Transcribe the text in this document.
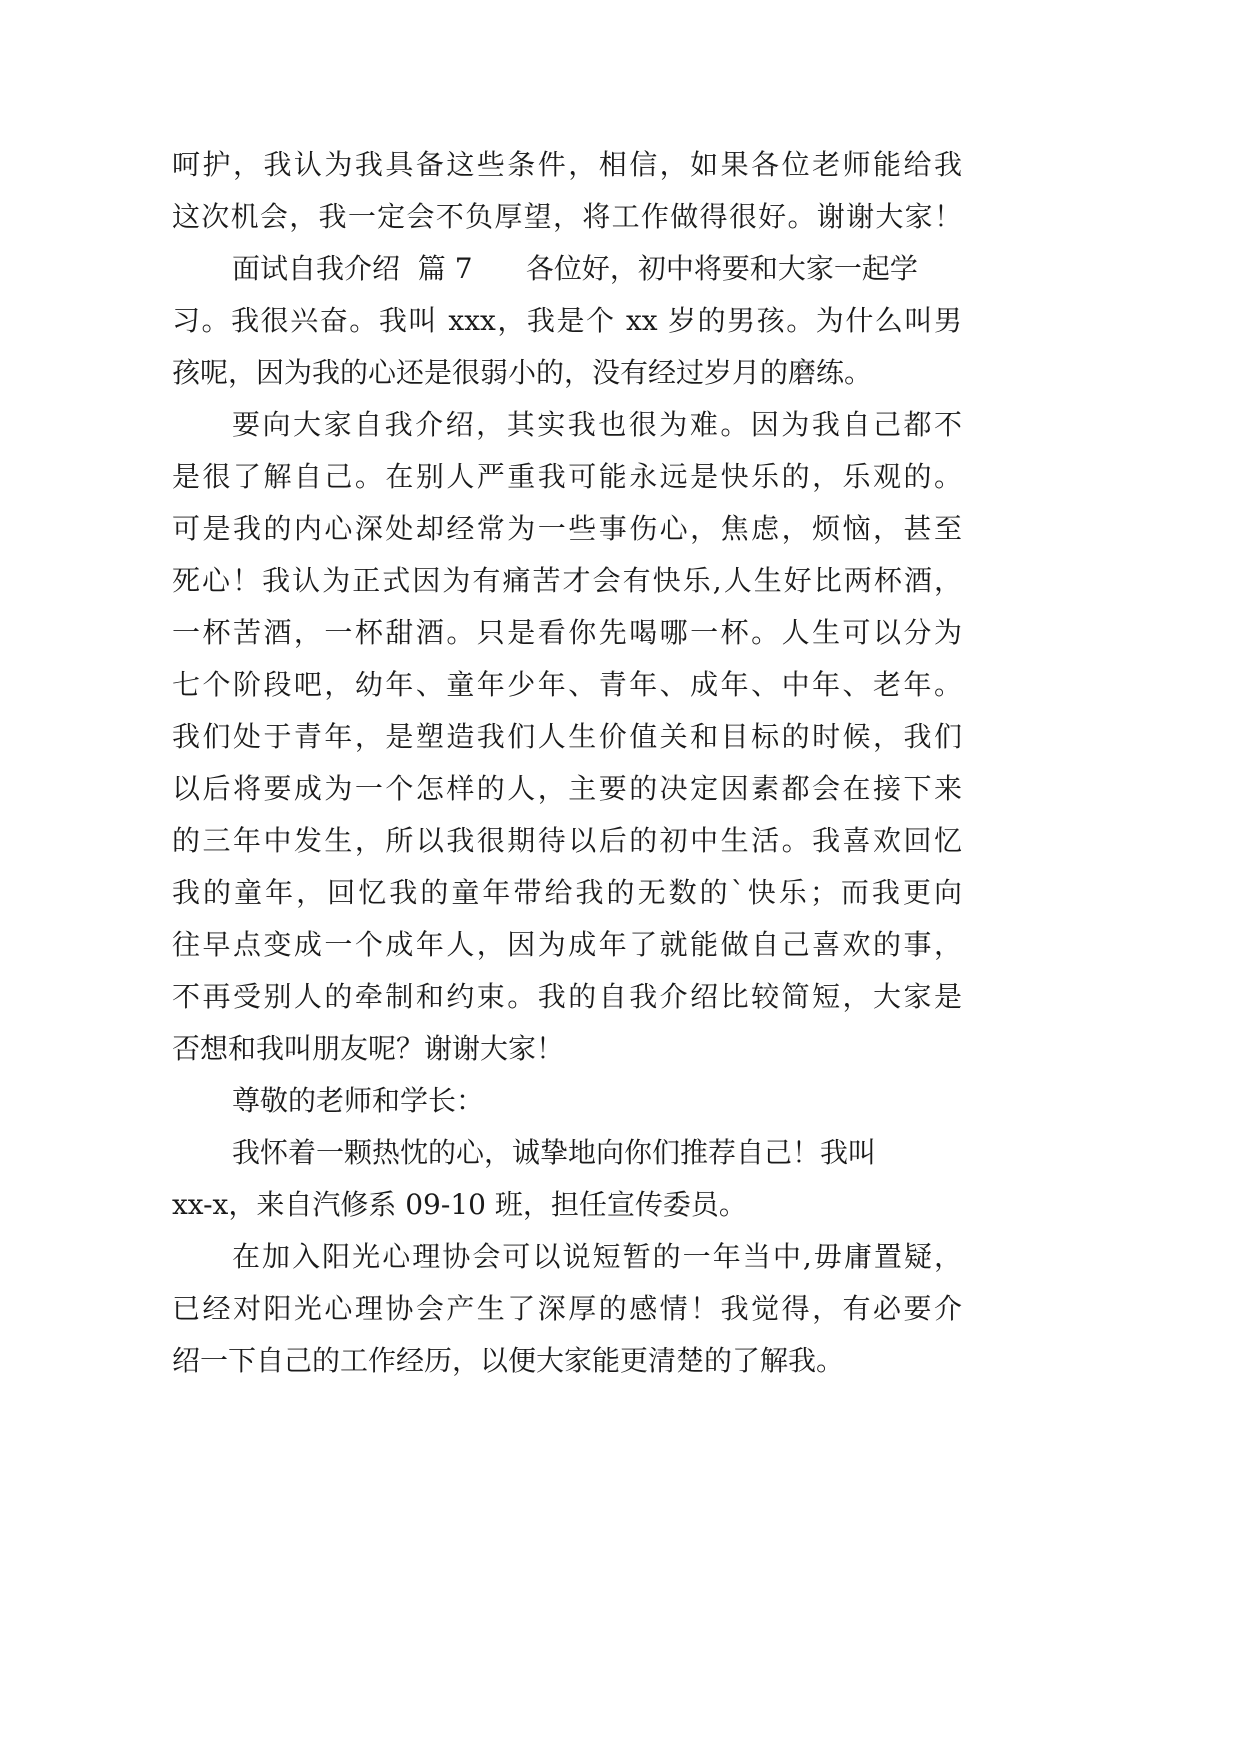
呵护，我认为我具备这些条件，相信，如果各位老师能给我
这次机会，我一定会不负厚望，将工作做得很好。谢谢大家！
面试自我介绍  篇 7      各位好，初中将要和大家一起学
习。我很兴奋。我叫 xxx，我是个 xx 岁的男孩。为什么叫男
孩呢，因为我的心还是很弱小的，没有经过岁月的磨练。
要向大家自我介绍，其实我也很为难。因为我自己都不
是很了解自己。在别人严重我可能永远是快乐的，乐观的。
可是我的内心深处却经常为一些事伤心，焦虑，烦恼，甚至
死心！我认为正式因为有痛苦才会有快乐,人生好比两杯酒，
一杯苦酒，一杯甜酒。只是看你先喝哪一杯。人生可以分为
七个阶段吧，幼年、童年少年、青年、成年、中年、老年。
我们处于青年，是塑造我们人生价值关和目标的时候，我们
以后将要成为一个怎样的人，主要的决定因素都会在接下来
的三年中发生，所以我很期待以后的初中生活。我喜欢回忆
我的童年，回忆我的童年带给我的无数的`快乐；而我更向
往早点变成一个成年人，因为成年了就能做自己喜欢的事，
不再受别人的牵制和约束。我的自我介绍比较简短，大家是
否想和我叫朋友呢？谢谢大家！
尊敬的老师和学长：
我怀着一颗热忱的心，诚挚地向你们推荐自己！我叫
xx-x，来自汽修系 09-10 班，担任宣传委员。
在加入阳光心理协会可以说短暂的一年当中,毋庸置疑，
已经对阳光心理协会产生了深厚的感情！我觉得，有必要介
绍一下自己的工作经历，以便大家能更清楚的了解我。
